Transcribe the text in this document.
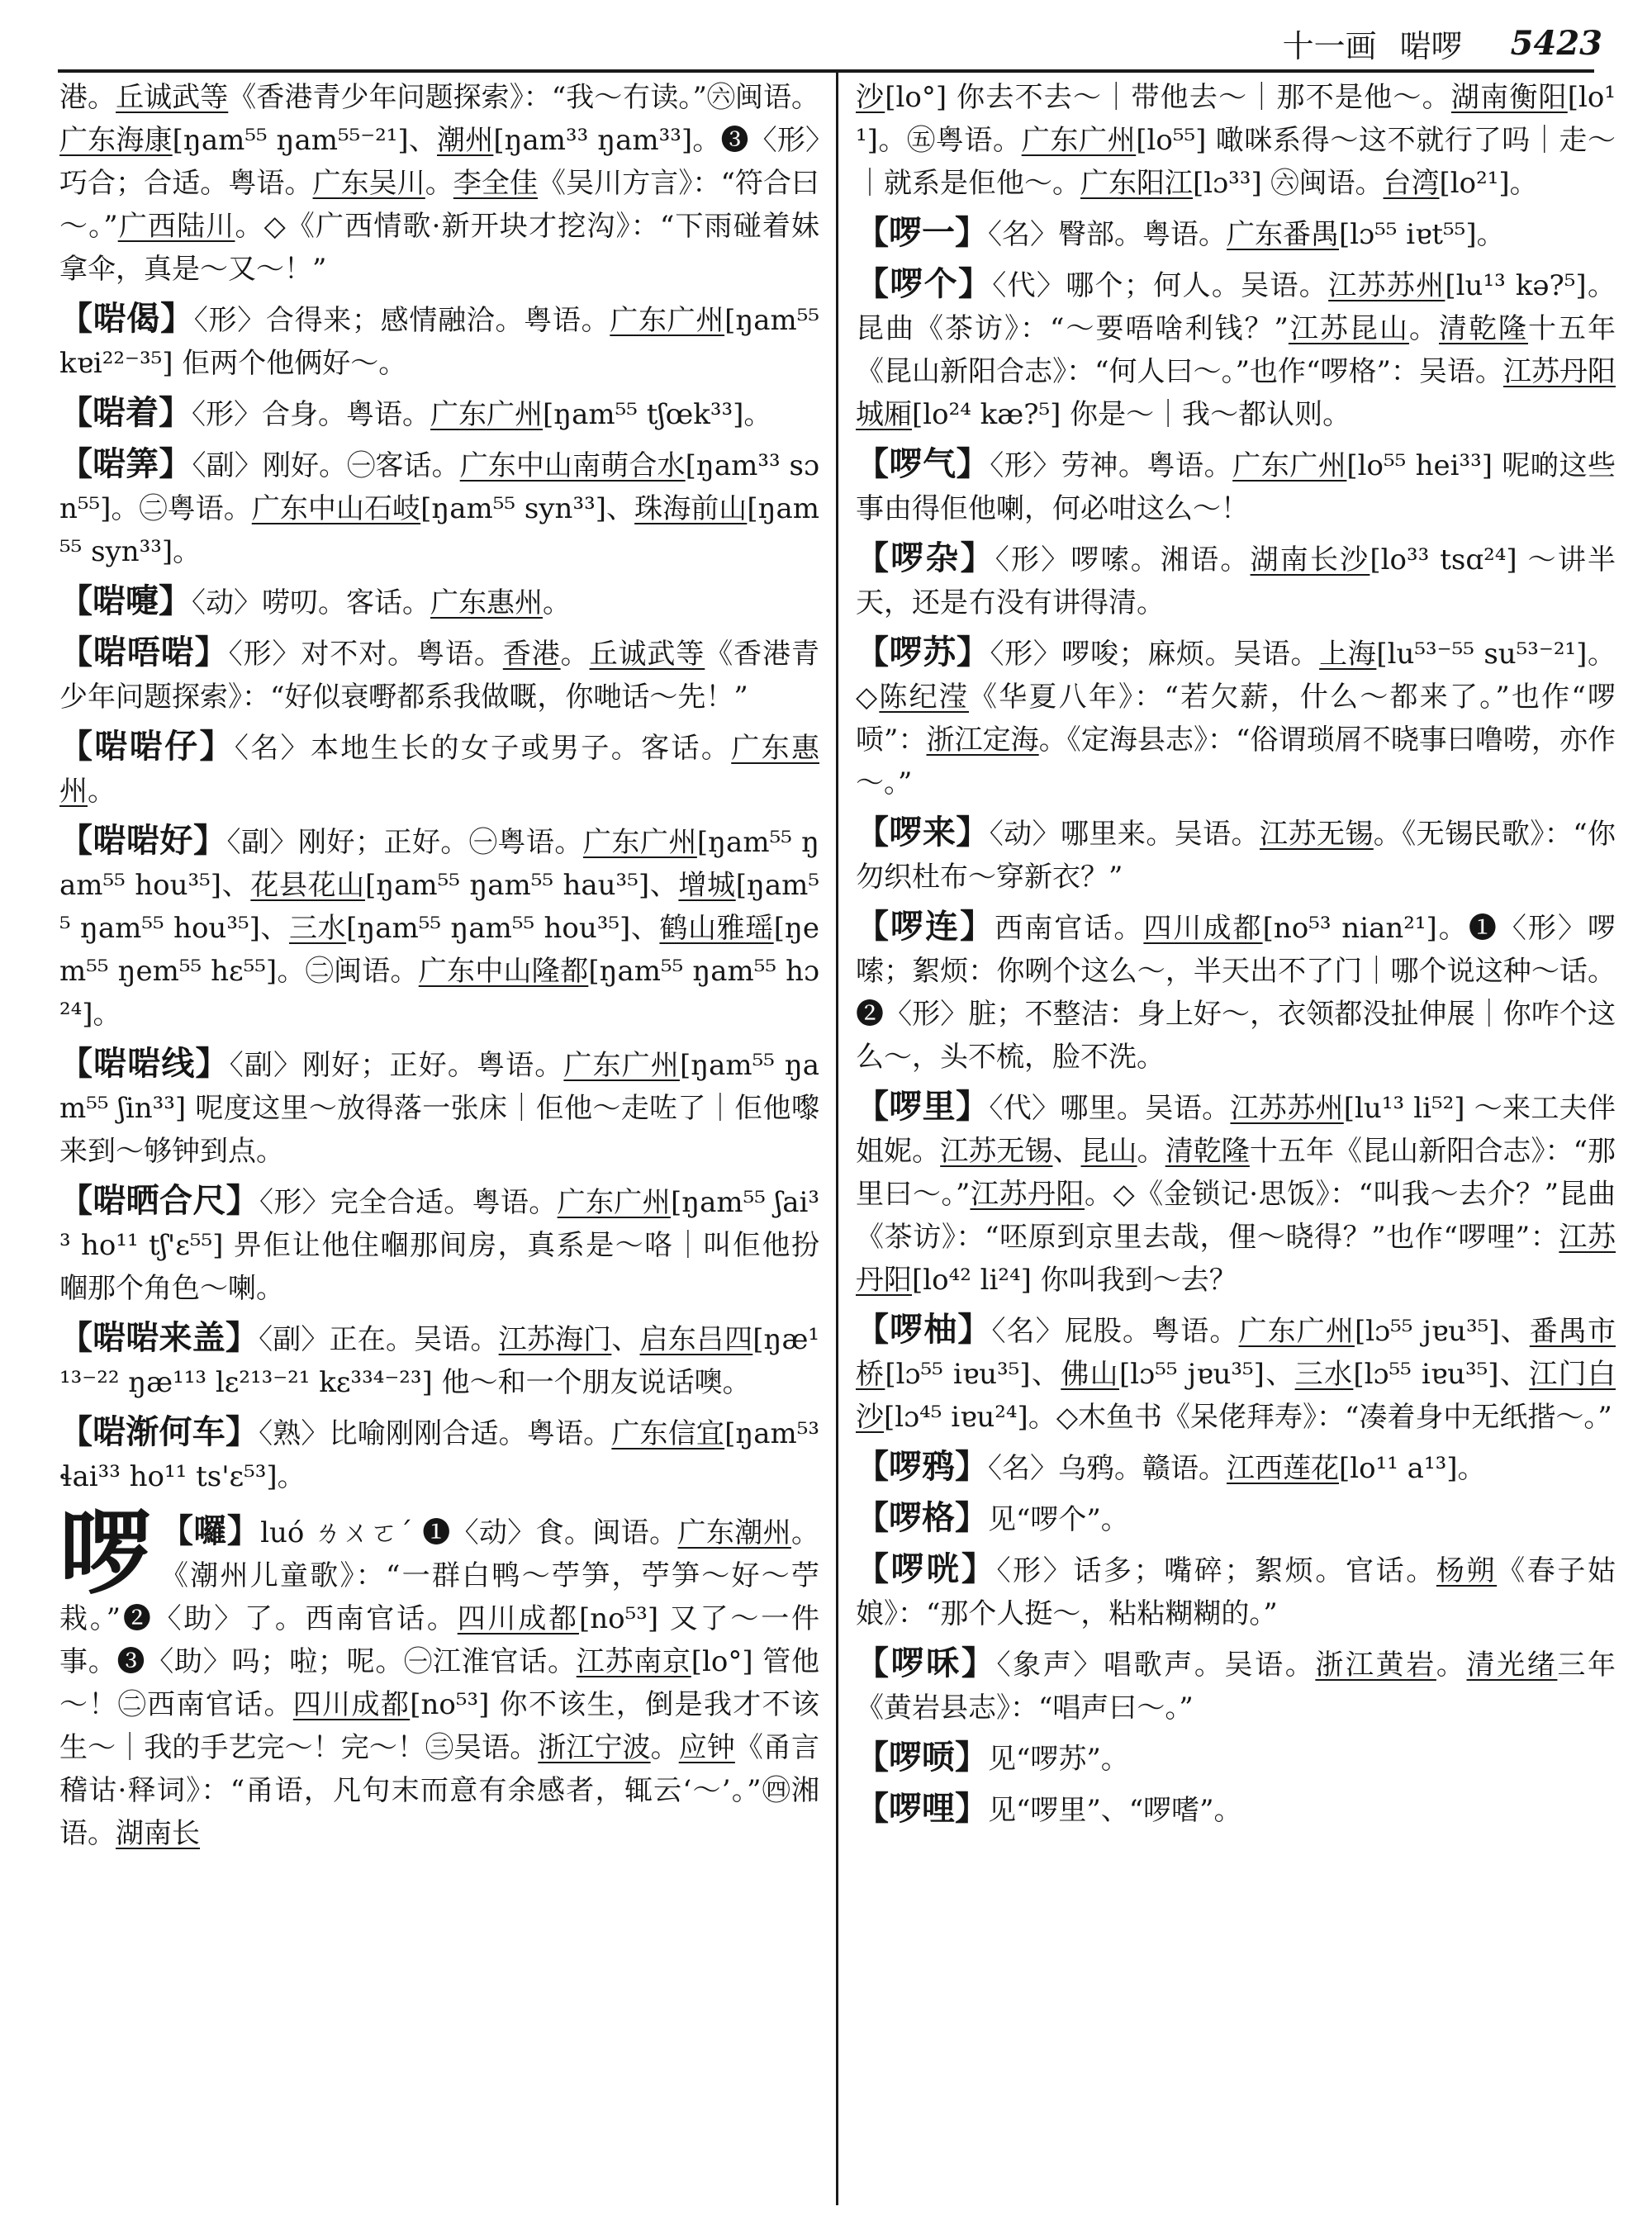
十一画 啱啰 5423

港。丘诚武等《香港青少年问题探索》：“我～冇读。”㊅闽语。广东海康[ŋam⁵⁵ ŋam⁵⁵⁻²¹]、潮州[ŋam³³ ŋam³³]。❸〈形〉巧合；合适。粤语。广东吴川。李全佳《吴川方言》：“符合曰～。”广西陆川。◇《广西情歌·新开块才挖沟》：“下雨碰着妹拿伞，真是～又～！”

【啱偈】〈形〉合得来；感情融洽。粤语。广东广州[ŋam⁵⁵ kɐi²²⁻³⁵] 佢两个他俩好～。

【啱着】〈形〉合身。粤语。广东广州[ŋam⁵⁵ tʃœk³³]。

【啱筭】〈副〉刚好。㊀客话。广东中山南萌合水[ŋam³³ sɔn⁵⁵]。㊁粤语。广东中山石岐[ŋam⁵⁵ syn³³]、珠海前山[ŋam⁵⁵ syn³³]。

【啱嚏】〈动〉唠叨。客话。广东惠州。

【啱唔啱】〈形〉对不对。粤语。香港。丘诚武等《香港青少年问题探索》：“好似衰嘢都系我做嘅，你哋话～先！”

【啱啱仔】〈名〉本地生长的女子或男子。客话。广东惠州。

【啱啱好】〈副〉刚好；正好。㊀粤语。广东广州[ŋam⁵⁵ ŋam⁵⁵ hou³⁵]、花县花山[ŋam⁵⁵ ŋam⁵⁵ hau³⁵]、增城[ŋam⁵⁵ ŋam⁵⁵ hou³⁵]、三水[ŋam⁵⁵ ŋam⁵⁵ hou³⁵]、鹤山雅瑶[ŋem⁵⁵ ŋem⁵⁵ hɛ⁵⁵]。㊁闽语。广东中山隆都[ŋam⁵⁵ ŋam⁵⁵ hɔ²⁴]。

【啱啱线】〈副〉刚好；正好。粤语。广东广州[ŋam⁵⁵ ŋam⁵⁵ ʃin³³] 呢度这里～放得落一张床｜佢他～走咗了｜佢他嚟来到～够钟到点。

【啱晒合尺】〈形〉完全合适。粤语。广东广州[ŋam⁵⁵ ʃai³³ ho¹¹ tʃ'ɛ⁵⁵] 畀佢让他住嗰那间房，真系是～咯｜叫佢他扮嗰那个角色～喇。

【啱啱来盖】〈副〉正在。吴语。江苏海门、启东吕四[ŋæ¹¹³⁻²² ŋæ¹¹³ lɛ²¹³⁻²¹ kɛ³³⁴⁻²³] 他～和一个朋友说话噢。

【啱渐何车】〈熟〉比喻刚刚合适。粤语。广东信宜[ŋam⁵³ ɬai³³ ho¹¹ ts'ɛ⁵³]。

啰 【囉】luó ㄌㄨㄛˊ ❶〈动〉食。闽语。广东潮州。《潮州儿童歌》：“一群白鸭～苧笋，苧笋～好～苧栽。”❷〈助〉了。西南官话。四川成都[no⁵³] 又了～一件事。❸〈助〉吗；啦；呢。㊀江淮官话。江苏南京[lo°] 管他～！㊁西南官话。四川成都[no⁵³] 你不该生，倒是我才不该生～｜我的手艺完～！完～！㊂吴语。浙江宁波。应钟《甬言稽诂·释词》：“甬语，凡句末而意有余感者，辄云‘～’。”㊃湘语。湖南长

沙[lo°] 你去不去～｜带他去～｜那不是他～。湖南衡阳[lo¹¹]。㊄粤语。广东广州[lo⁵⁵] 噉咪系得～这不就行了吗｜走～｜就系是佢他～。广东阳江[lɔ³³] ㊅闽语。台湾[lo²¹]。

【啰一】〈名〉臀部。粤语。广东番禺[lɔ⁵⁵ iɐt⁵⁵]。

【啰个】〈代〉哪个；何人。吴语。江苏苏州[lu¹³ kə?⁵]。昆曲《茶访》：“～要唔啥利钱？”江苏昆山。清乾隆十五年《昆山新阳合志》：“何人曰～。”也作“啰格”：吴语。江苏丹阳城厢[lo²⁴ kæ?⁵] 你是～｜我～都认则。

【啰气】〈形〉劳神。粤语。广东广州[lo⁵⁵ hei³³] 呢啲这些事由得佢他喇，何必咁这么～！

【啰杂】〈形〉啰嗦。湘语。湖南长沙[lo³³ tsɑ²⁴] ～讲半天，还是冇没有讲得清。

【啰苏】〈形〉啰唆；麻烦。吴语。上海[lu⁵³⁻⁵⁵ su⁵³⁻²¹]。◇陈纪滢《华夏八年》：“若欠薪，什么～都来了。”也作“啰唝”：浙江定海。《定海县志》：“俗谓琐屑不晓事曰噜唠，亦作～。”

【啰来】〈动〉哪里来。吴语。江苏无锡。《无锡民歌》：“你勿织杜布～穿新衣？”

【啰连】西南官话。四川成都[no⁵³ nian²¹]。❶〈形〉啰嗦；絮烦：你咧个这么～，半天出不了门｜哪个说这种～话。❷〈形〉脏；不整洁：身上好～，衣领都没扯伸展｜你咋个这么～，头不梳，脸不洗。

【啰里】〈代〉哪里。吴语。江苏苏州[lu¹³ li⁵²] ～来工夫伴姐妮。江苏无锡、昆山。清乾隆十五年《昆山新阳合志》：“那里曰～。”江苏丹阳。◇《金锁记·思饭》：“叫我～去介？”昆曲《茶访》：“呸原到京里去哉，俚～晓得？”也作“啰哩”：江苏丹阳[lo⁴² li²⁴] 你叫我到～去？

【啰柚】〈名〉屁股。粤语。广东广州[lɔ⁵⁵ jɐu³⁵]、番禺市桥[lɔ⁵⁵ iɐu³⁵]、佛山[lɔ⁵⁵ jɐu³⁵]、三水[lɔ⁵⁵ iɐu³⁵]、江门白沙[lɔ⁴⁵ iɐu²⁴]。◇木鱼书《呆佬拜寿》：“凑着身中无纸揩～。”

【啰鸦】〈名〉乌鸦。赣语。江西莲花[lo¹¹ a¹³]。

【啰格】见“啰个”。

【啰咣】〈形〉话多；嘴碎；絮烦。官话。杨朔《春子姑娘》：“那个人挺～，粘粘糊糊的。”

【啰咊】〈象声〉唱歌声。吴语。浙江黄岩。清光绪三年《黄岩县志》：“唱声曰～。”

【啰唝】见“啰苏”。

【啰哩】见“啰里”、“啰嗜”。
